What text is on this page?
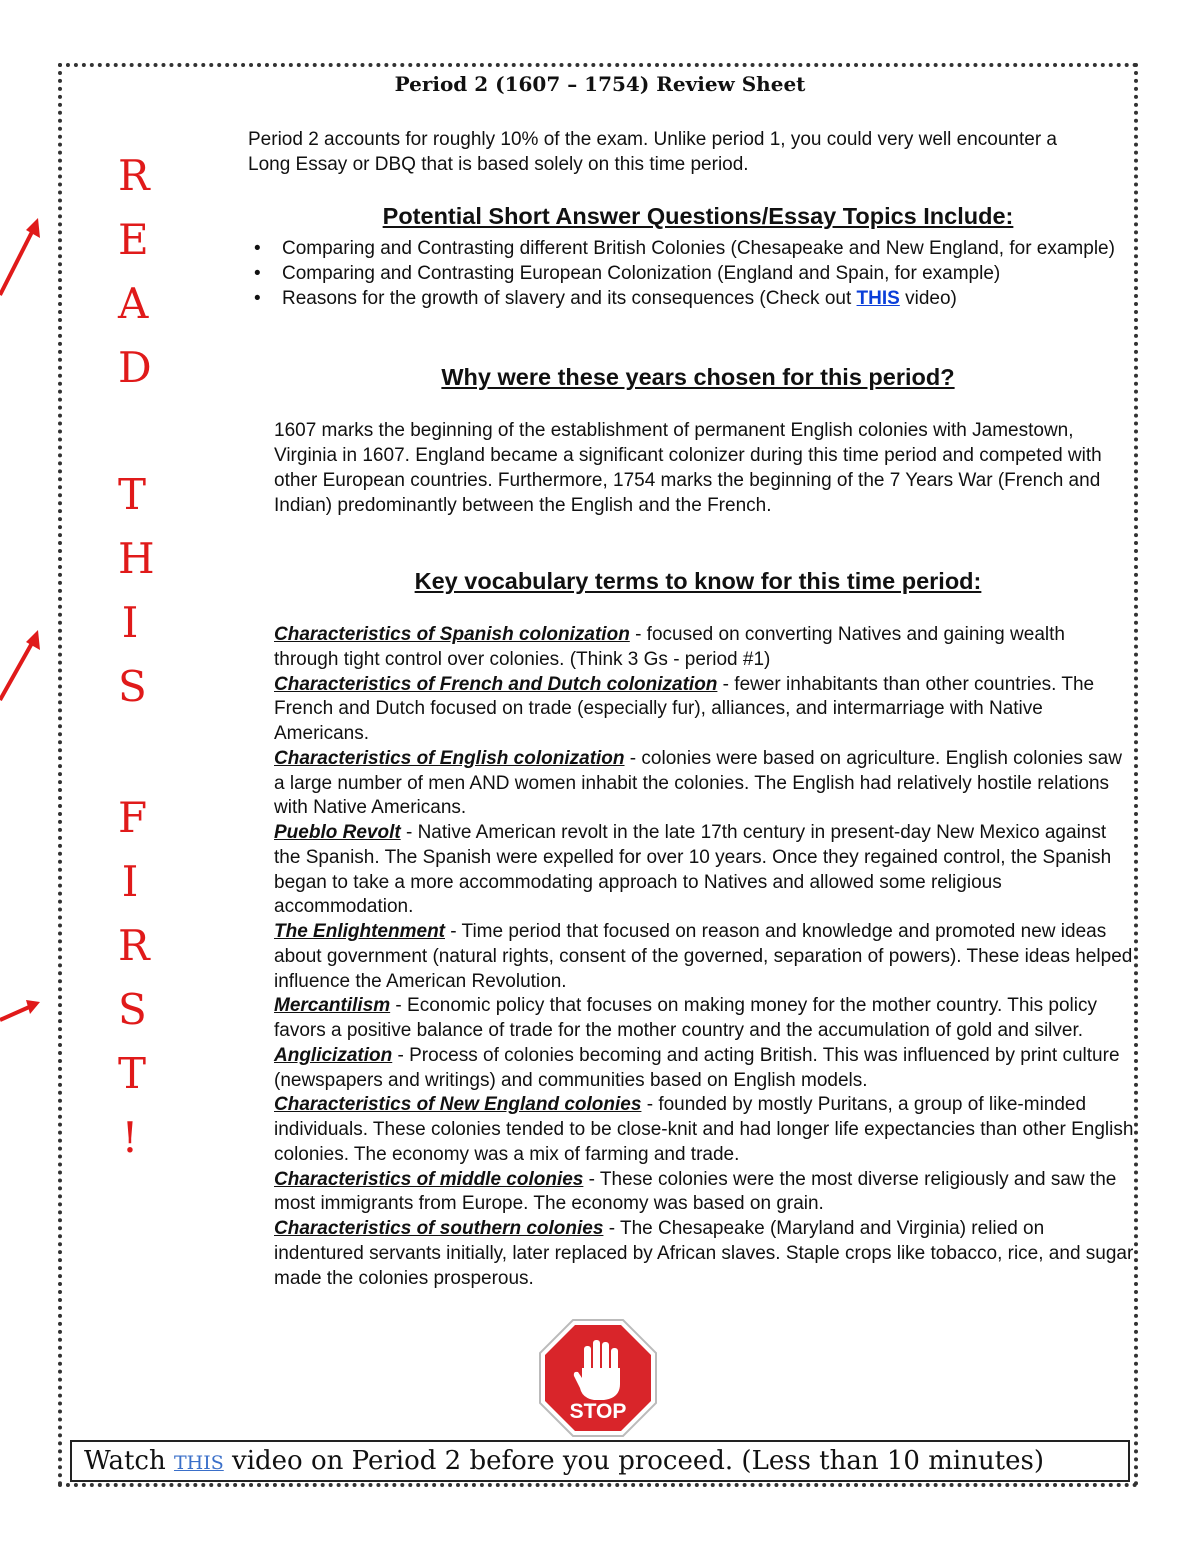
Period 2 (1607 – 1754) Review Sheet
Period 2 accounts for roughly 10% of the exam. Unlike period 1, you could very well encounter a Long Essay or DBQ that is based solely on this time period.
Potential Short Answer Questions/Essay Topics Include:
• Comparing and Contrasting different British Colonies (Chesapeake and New England, for example)
• Comparing and Contrasting European Colonization (England and Spain, for example)
• Reasons for the growth of slavery and its consequences (Check out THIS video)
Why were these years chosen for this period?
1607 marks the beginning of the establishment of permanent English colonies with Jamestown, Virginia in 1607. England became a significant colonizer during this time period and competed with other European countries. Furthermore, 1754 marks the beginning of the 7 Years War (French and Indian) predominantly between the English and the French.
Key vocabulary terms to know for this time period:

Characteristics of Spanish colonization - focused on converting Natives and gaining wealth through tight control over colonies. (Think 3 Gs - period #1)

Characteristics of French and Dutch colonization - fewer inhabitants than other countries. The French and Dutch focused on trade (especially fur), alliances, and intermarriage with Native Americans.

Characteristics of English colonization - colonies were based on agriculture. English colonies saw a large number of men AND women inhabit the colonies. The English had relatively hostile relations with Native Americans.

Pueblo Revolt - Native American revolt in the late 17th century in present-day New Mexico against the Spanish. The Spanish were expelled for over 10 years. Once they regained control, the Spanish began to take a more accommodating approach to Natives and allowed some religious accommodation.

The Enlightenment - Time period that focused on reason and knowledge and promoted new ideas about government (natural rights, consent of the governed, separation of powers). These ideas helped influence the American Revolution.

Mercantilism - Economic policy that focuses on making money for the mother country. This policy favors a positive balance of trade for the mother country and the accumulation of gold and silver.

Anglicization - Process of colonies becoming and acting British. This was influenced by print culture (newspapers and writings) and communities based on English models.

Characteristics of New England colonies - founded by mostly Puritans, a group of like-minded individuals. These colonies tended to be close-knit and had longer life expectancies than other English colonies. The economy was a mix of farming and trade.

Characteristics of middle colonies - These colonies were the most diverse religiously and saw the most immigrants from Europe. The economy was based on grain.

Characteristics of southern colonies - The Chesapeake (Maryland and Virginia) relied on indentured servants initially, later replaced by African slaves. Staple crops like tobacco, rice, and sugar made the colonies prosperous.

R
E
A
D
T
H
I
S
F
I
R
S
T
!
STOP
Watch THIS video on Period 2 before you proceed. (Less than 10 minutes)
